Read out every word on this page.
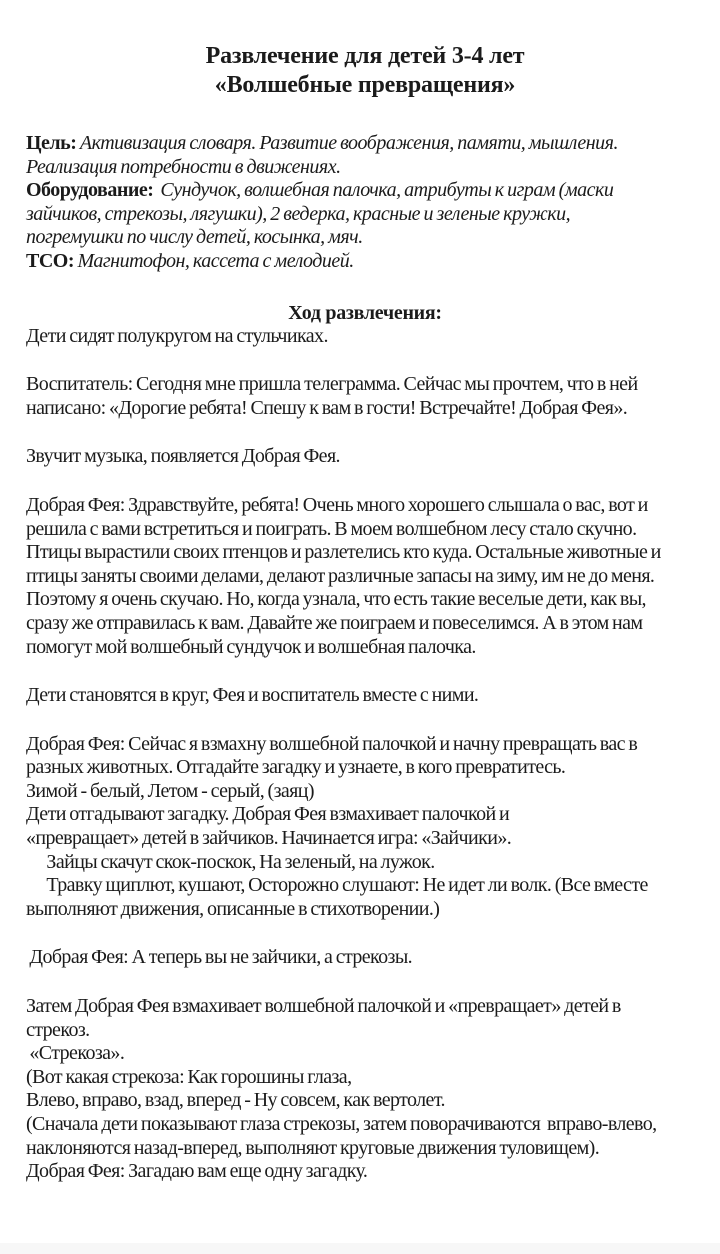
Развлечение для детей 3-4 лет
«Волшебные превращения»
Цель: Активизация словаря. Развитие воображения, памяти, мышления.
Реализация потребности в движениях.
Оборудование:  Сундучок, волшебная палочка, атрибуты к играм (маски
зайчиков, стрекозы, лягушки), 2 ведерка, красные и зеленые кружки,
погремушки по числу детей, косынка, мяч.
ТСО: Магнитофон, кассета с мелодией.
Ход развлечения:
Дети сидят полукругом на стульчиках.
Воспитатель: Сегодня мне пришла телеграмма. Сейчас мы прочтем, что в ней
написано: «Дорогие ребята! Спешу к вам в гости! Встречайте! Добрая Фея».
Звучит музыка, появляется Добрая Фея.
Добрая Фея: Здравствуйте, ребята! Очень много хорошего слышала о вас, вот и
решила с вами встретиться и поиграть. В моем волшебном лесу стало скучно.
Птицы вырастили своих птенцов и разлетелись кто куда. Остальные животные и
птицы заняты своими делами, делают различные запасы на зиму, им не до меня.
Поэтому я очень скучаю. Но, когда узнала, что есть такие веселые дети, как вы,
сразу же отправилась к вам. Давайте же поиграем и повеселимся. А в этом нам
помогут мой волшебный сундучок и волшебная палочка.
Дети становятся в круг, Фея и воспитатель вместе с ними.
Добрая Фея: Сейчас я взмахну волшебной палочкой и начну превращать вас в
разных животных. Отгадайте загадку и узнаете, в кого превратитесь.
Зимой - белый, Летом - серый, (заяц)
Дети отгадывают загадку. Добрая Фея взмахивает палочкой и
«превращает» детей в зайчиков. Начинается игра: «Зайчики».
Зайцы скачут скок-поскок, На зеленый, на лужок.
Травку щиплют, кушают, Осторожно слушают: Не идет ли волк. (Все вместе
выполняют движения, описанные в стихотворении.)
Добрая Фея: А теперь вы не зайчики, а стрекозы.
Затем Добрая Фея взмахивает волшебной палочкой и «превращает» детей в
стрекоз.
«Стрекоза».
(Вот какая стрекоза: Как горошины глаза,
Влево, вправо, взад, вперед - Ну совсем, как вертолет.
(Сначала дети показывают глаза стрекозы, затем поворачиваются  вправо-влево,
наклоняются назад-вперед, выполняют круговые движения туловищем).
Добрая Фея: Загадаю вам еще одну загадку.
